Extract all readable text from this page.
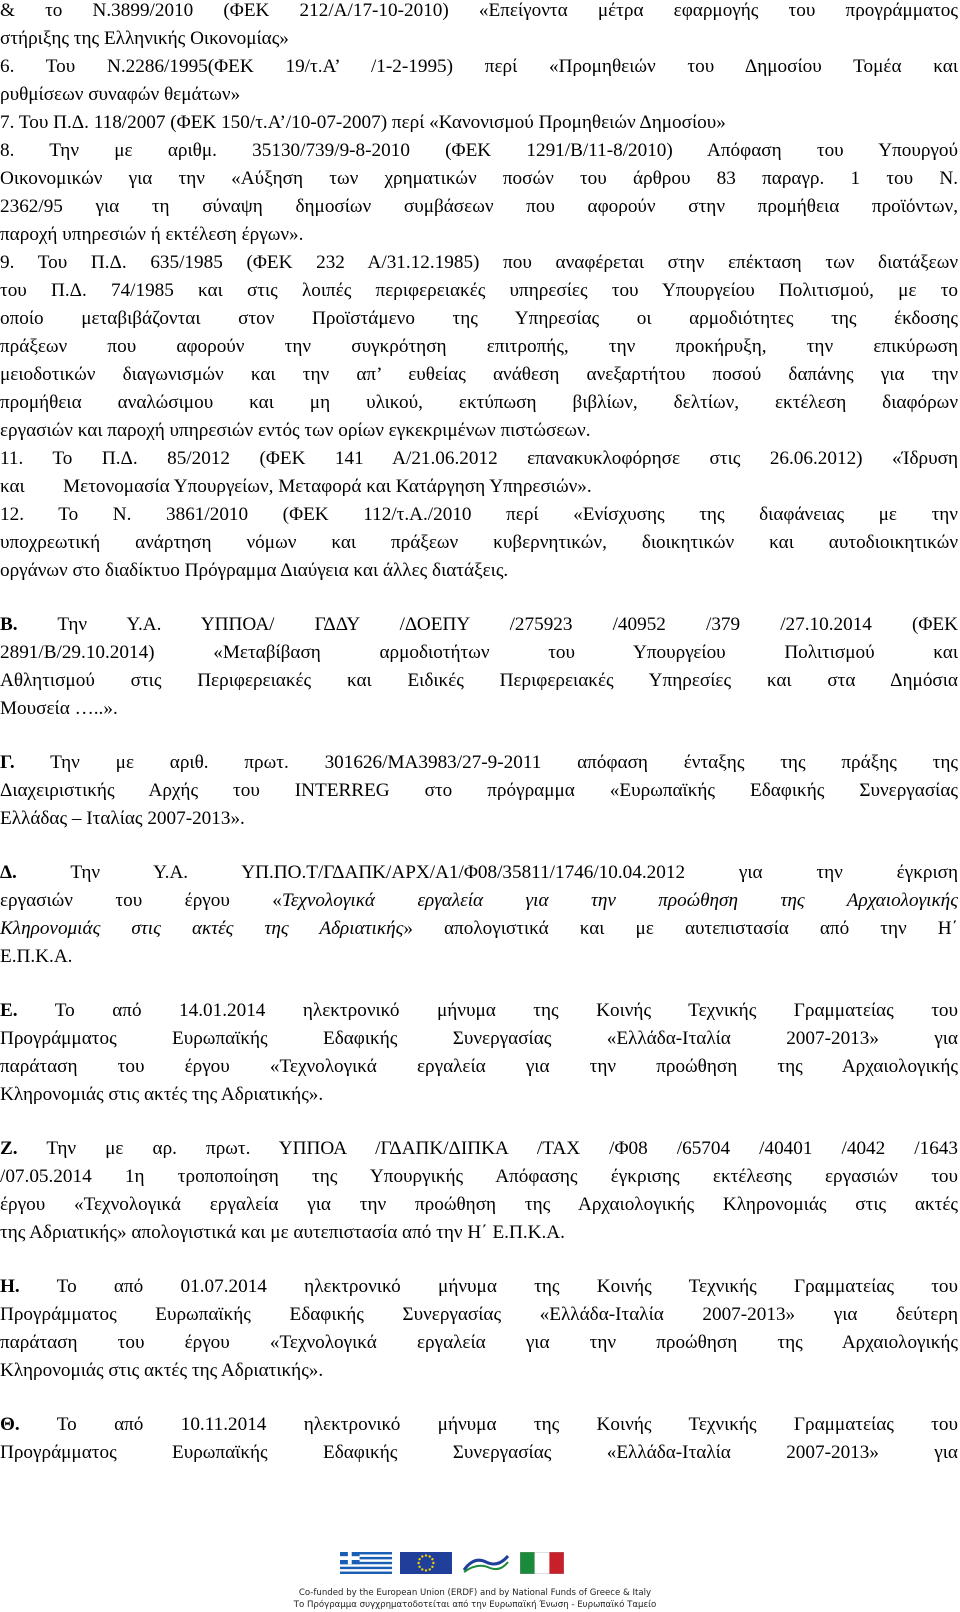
& το Ν.3899/2010 (ΦΕΚ 212/Α/17-10-2010) «Επείγοντα μέτρα εφαρμογής του προγράμματος
στήριξης της Ελληνικής Οικονομίας»
6. Του Ν.2286/1995(ΦΕΚ 19/τ.Α’ /1-2-1995) περί «Προμηθειών του Δημοσίου Τομέα και
ρυθμίσεων συναφών θεμάτων»
7. Του Π.Δ. 118/2007 (ΦΕΚ 150/τ.Α’/10-07-2007) περί «Κανονισμού Προμηθειών Δημοσίου»
8. Την με αριθμ. 35130/739/9-8-2010 (ΦΕΚ 1291/Β/11-8/2010) Απόφαση του Υπουργού
Οικονομικών για την «Αύξηση των χρηματικών ποσών του άρθρου 83 παραγρ. 1 του Ν.
2362/95 για τη σύναψη δημοσίων συμβάσεων που αφορούν στην προμήθεια προϊόντων,
παροχή υπηρεσιών ή εκτέλεση έργων».
9. Του Π.Δ. 635/1985 (ΦΕΚ 232 Α/31.12.1985) που αναφέρεται στην επέκταση των διατάξεων
του Π.Δ. 74/1985 και στις λοιπές περιφερειακές υπηρεσίες του Υπουργείου Πολιτισμού, με το
οποίο μεταβιβάζονται στον Προϊστάμενο της Υπηρεσίας οι αρμοδιότητες της έκδοσης
πράξεων που αφορούν την συγκρότηση επιτροπής, την προκήρυξη, την επικύρωση
μειοδοτικών διαγωνισμών και την απ’ ευθείας ανάθεση ανεξαρτήτου ποσού δαπάνης για την
προμήθεια αναλώσιμου και μη υλικού, εκτύπωση βιβλίων, δελτίων, εκτέλεση διαφόρων
εργασιών και παροχή υπηρεσιών εντός των ορίων εγκεκριμένων πιστώσεων.
11. Το Π.Δ. 85/2012 (ΦΕΚ 141 Α/21.06.2012 επανακυκλοφόρησε στις 26.06.2012) «Ίδρυση
και        Μετονομασία Υπουργείων, Μεταφορά και Κατάργηση Υπηρεσιών».
12. Το Ν. 3861/2010 (ΦΕΚ 112/τ.Α./2010 περί «Ενίσχυσης της διαφάνειας με την
υποχρεωτική ανάρτηση νόμων και πράξεων κυβερνητικών, διοικητικών και αυτοδιοικητικών
οργάνων στο διαδίκτυο Πρόγραμμα Διαύγεια και άλλες διατάξεις.
Β. Την Υ.Α. ΥΠΠΟΑ/ ΓΔΔΥ /ΔΟΕΠΥ /275923 /40952 /379 /27.10.2014 (ΦΕΚ
2891/Β/29.10.2014) «Μεταβίβαση αρμοδιοτήτων του Υπουργείου Πολιτισμού και
Αθλητισμού στις Περιφερειακές και Ειδικές Περιφερειακές Υπηρεσίες και στα Δημόσια
Μουσεία …..».
Γ. Την με αριθ. πρωτ. 301626/ΜΑ3983/27-9-2011 απόφαση ένταξης της πράξης της
Διαχειριστικής Αρχής του INTERREG στο πρόγραμμα «Ευρωπαϊκής Εδαφικής Συνεργασίας
Ελλάδας – Ιταλίας 2007-2013».
Δ.	Την Υ.Α. ΥΠ.ΠΟ.Τ/ΓΔΑΠΚ/ΑΡΧ/Α1/Φ08/35811/1746/10.04.2012 για την έγκριση
εργασιών του έργου «Τεχνολογικά εργαλεία για την προώθηση της Αρχαιολογικής
Κληρονομιάς στις ακτές της Αδριατικής» απολογιστικά και με αυτεπιστασία από την Η΄
Ε.Π.Κ.Α.
Ε. Το από 14.01.2014 ηλεκτρονικό μήνυμα της Κοινής Τεχνικής Γραμματείας του
Προγράμματος Ευρωπαϊκής Εδαφικής Συνεργασίας «Ελλάδα-Ιταλία 2007-2013» για
παράταση του έργου «Τεχνολογικά εργαλεία για την προώθηση της Αρχαιολογικής
Κληρονομιάς στις ακτές της Αδριατικής».
Ζ. Την με αρ. πρωτ. ΥΠΠΟΑ /ΓΔΑΠΚ/ΔΙΠΚΑ /ΤΑΧ /Φ08 /65704 /40401 /4042 /1643
/07.05.2014 1η τροποποίηση της Υπουργικής Απόφασης έγκρισης εκτέλεσης εργασιών του
έργου «Τεχνολογικά εργαλεία για την προώθηση της Αρχαιολογικής Κληρονομιάς στις ακτές
της Αδριατικής» απολογιστικά και με αυτεπιστασία από την Η΄ Ε.Π.Κ.Α.
Η. Το από 01.07.2014 ηλεκτρονικό μήνυμα της Κοινής Τεχνικής Γραμματείας του
Προγράμματος Ευρωπαϊκής Εδαφικής Συνεργασίας «Ελλάδα-Ιταλία 2007-2013» για δεύτερη
παράταση του έργου «Τεχνολογικά εργαλεία για την προώθηση της Αρχαιολογικής
Κληρονομιάς στις ακτές της Αδριατικής».
Θ. Το από 10.11.2014 ηλεκτρονικό μήνυμα της Κοινής Τεχνικής Γραμματείας του
Προγράμματος Ευρωπαϊκής Εδαφικής Συνεργασίας «Ελλάδα-Ιταλία 2007-2013» για
Co-funded by the European Union (ERDF) and by National Funds of Greece & Italy
Το Πρόγραμμα συγχρηματοδοτείται από την Ευρωπαϊκή Ένωση - Ευρωπαϊκό Ταμείο
